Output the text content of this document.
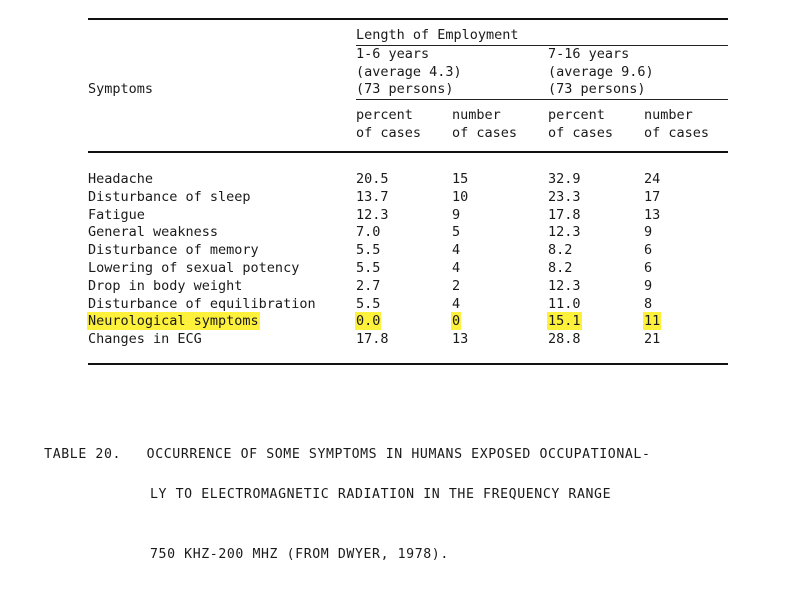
	Length of Employment			

	1-6 years		7-16 years	
	(average 4.3)		(average 9.6)	
Symptoms	(73 persons)		(73 persons)	

	percent	number	percent	number
	of cases	of cases	of cases	of cases
Headache	20.5	15	32.9	24
Disturbance of sleep	13.7	10	23.3	17
Fatigue	12.3	9	17.8	13
General weakness	7.0	5	12.3	9
Disturbance of memory	5.5	4	8.2	6
Lowering of sexual potency	5.5	4	8.2	6
Drop in body weight	2.7	2	12.3	9
Disturbance of equilibration	5.5	4	11.0	8
Neurological symptoms	0.0	0	15.1	11
Changes in ECG	17.8	13	28.8	21

TABLE 20. OCCURRENCE OF SOME SYMPTOMS IN HUMANS EXPOSED OCCUPATIONAL-

LY TO ELECTROMAGNETIC RADIATION IN THE FREQUENCY RANGE

750 KHZ-200 MHZ (FROM DWYER, 1978).
